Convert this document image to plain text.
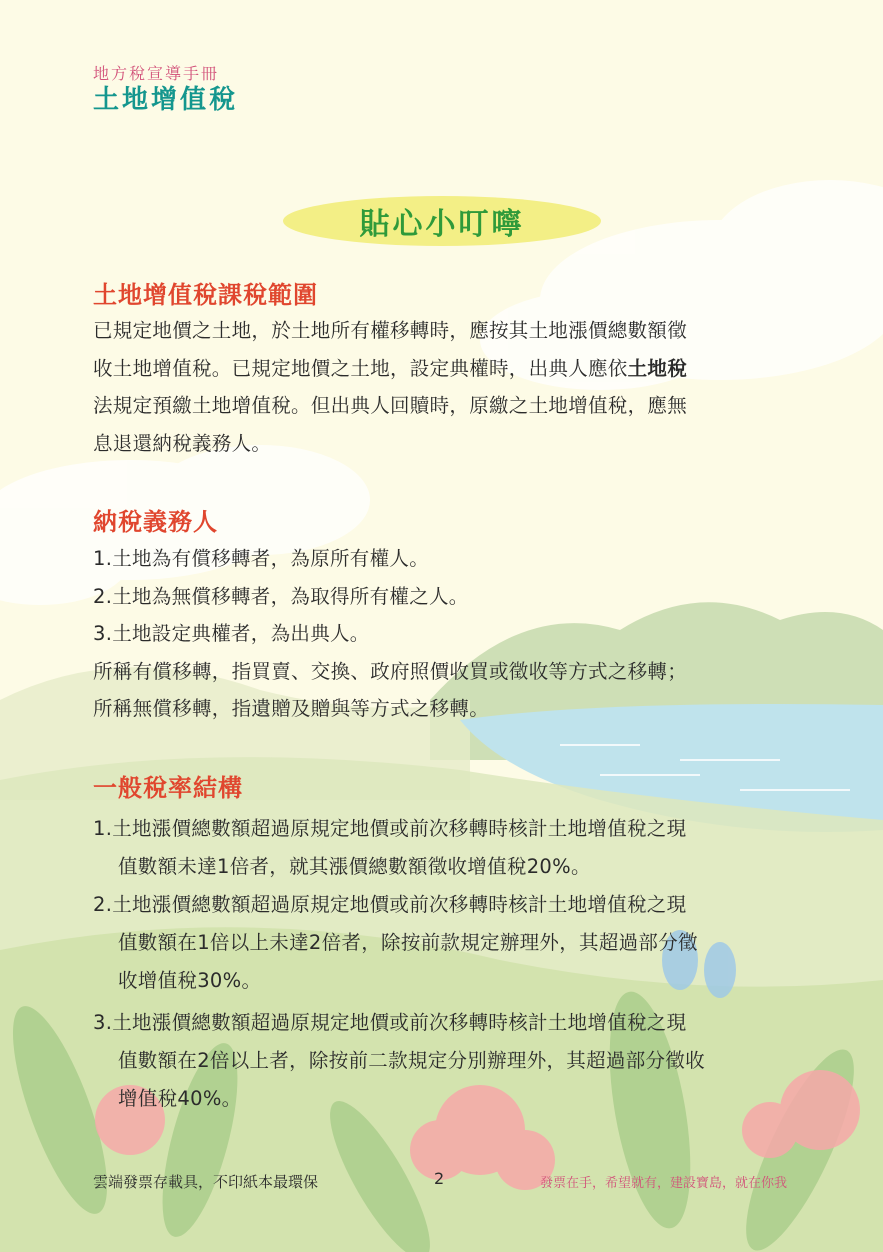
地方稅宣導手冊
土地增值稅
貼心小叮嚀
土地增值稅課稅範圍
已規定地價之土地，於土地所有權移轉時，應按其土地漲價總數額徵
收土地增值稅。已規定地價之土地，設定典權時，出典人應依土地稅
法規定預繳土地增值稅。但出典人回贖時，原繳之土地增值稅，應無
息退還納稅義務人。
納稅義務人
1.土地為有償移轉者，為原所有權人。
2.土地為無償移轉者，為取得所有權之人。
3.土地設定典權者，為出典人。
所稱有償移轉，指買賣、交換、政府照價收買或徵收等方式之移轉；
所稱無償移轉，指遺贈及贈與等方式之移轉。
一般稅率結構
1.土地漲價總數額超過原規定地價或前次移轉時核計土地增值稅之現
值數額未達1倍者，就其漲價總數額徵收增值稅20%。
2.土地漲價總數額超過原規定地價或前次移轉時核計土地增值稅之現
值數額在1倍以上未達2倍者，除按前款規定辦理外，其超過部分徵
收增值稅30%。
3.土地漲價總數額超過原規定地價或前次移轉時核計土地增值稅之現
值數額在2倍以上者，除按前二款規定分別辦理外，其超過部分徵收
增值稅40%。
雲端發票存載具，不印紙本最環保	2	發票在手，希望就有，建設寶島，就在你我
